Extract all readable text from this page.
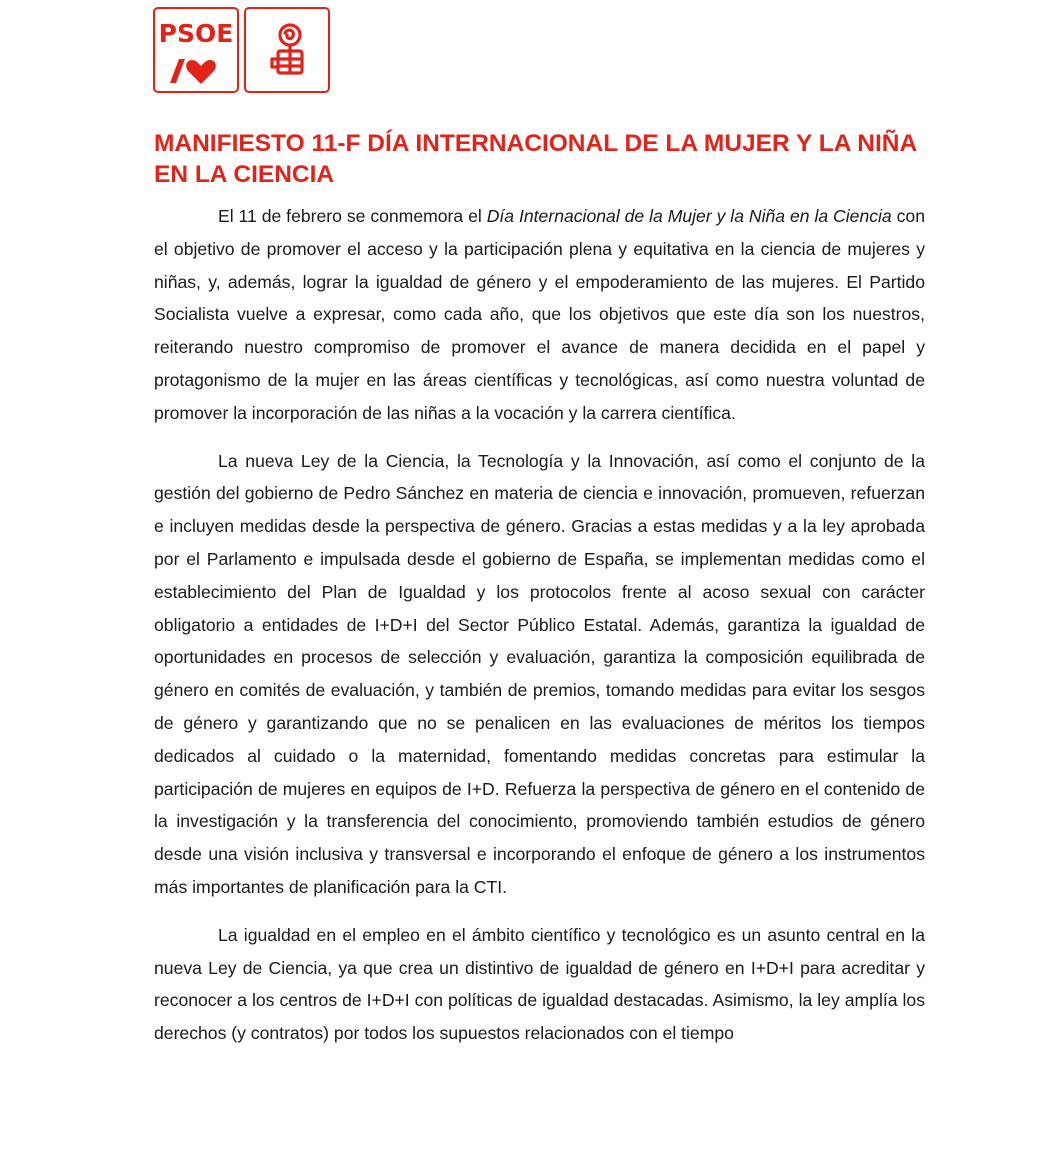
PSOE
MANIFIESTO 11-F DÍA INTERNACIONAL DE LA MUJER Y LA NIÑA EN LA CIENCIA

El 11 de febrero se conmemora el Día Internacional de la Mujer y la Niña en la Ciencia con el objetivo de promover el acceso y la participación plena y equitativa en la ciencia de mujeres y niñas, y, además, lograr la igualdad de género y el empoderamiento de las mujeres. El Partido Socialista vuelve a expresar, como cada año, que los objetivos que este día son los nuestros, reiterando nuestro compromiso de promover el avance de manera decidida en el papel y protagonismo de la mujer en las áreas científicas y tecnológicas, así como nuestra voluntad de promover la incorporación de las niñas a la vocación y la carrera científica.

La nueva Ley de la Ciencia, la Tecnología y la Innovación, así como el conjunto de la gestión del gobierno de Pedro Sánchez en materia de ciencia e innovación, promueven, refuerzan e incluyen medidas desde la perspectiva de género. Gracias a estas medidas y a la ley aprobada por el Parlamento e impulsada desde el gobierno de España, se implementan medidas como el establecimiento del Plan de Igualdad y los protocolos frente al acoso sexual con carácter obligatorio a entidades de I+D+I del Sector Público Estatal. Además, garantiza la igualdad de oportunidades en procesos de selección y evaluación, garantiza la composición equilibrada de género en comités de evaluación, y también de premios, tomando medidas para evitar los sesgos de género y garantizando que no se penalicen en las evaluaciones de méritos los tiempos dedicados al cuidado o la maternidad, fomentando medidas concretas para estimular la participación de mujeres en equipos de I+D. Refuerza la perspectiva de género en el contenido de la investigación y la transferencia del conocimiento, promoviendo también estudios de género desde una visión inclusiva y transversal e incorporando el enfoque de género a los instrumentos más importantes de planificación para la CTI.

La igualdad en el empleo en el ámbito científico y tecnológico es un asunto central en la nueva Ley de Ciencia, ya que crea un distintivo de igualdad de género en I+D+I para acreditar y reconocer a los centros de I+D+I con políticas de igualdad destacadas. Asimismo, la ley amplía los derechos (y contratos) por todos los supuestos relacionados con el tiempo
